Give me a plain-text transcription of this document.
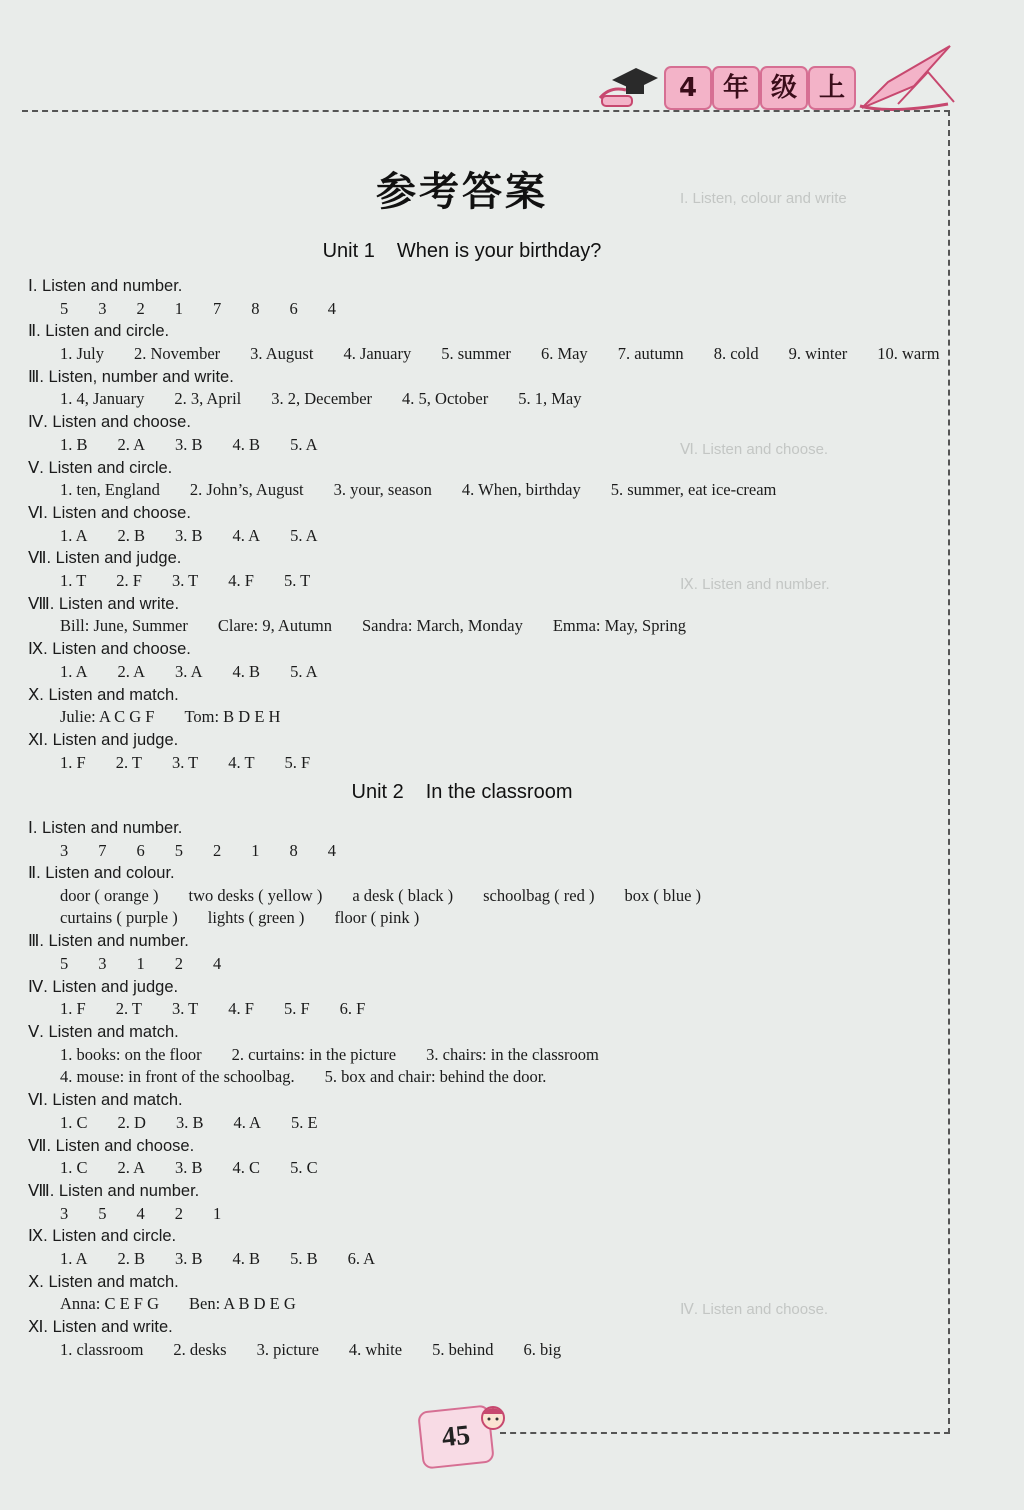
4 年 级 上
I. Listen, colour and write
Ⅵ. Listen and choose.
Ⅸ. Listen and number.
Ⅳ. Listen and choose.
参考答案
Unit 1 When is your birthday?
Unit 2 In the classroom
Ⅰ. Listen and number.
5 3 2 1 7 8 6 4
Ⅱ. Listen and circle.
1. July 2. November 3. August 4. January 5. summer 6. May 7. autumn 8. cold 9. winter 10. warm
Ⅲ. Listen, number and write.
1. 4, January 2. 3, April 3. 2, December 4. 5, October 5. 1, May
Ⅳ. Listen and choose.
1. B 2. A 3. B 4. B 5. A
Ⅴ. Listen and circle.
1. ten, England 2. John’s, August 3. your, season 4. When, birthday 5. summer, eat ice-cream
Ⅵ. Listen and choose.
1. A 2. B 3. B 4. A 5. A
Ⅶ. Listen and judge.
1. T 2. F 3. T 4. F 5. T
Ⅷ. Listen and write.
Bill: June, Summer Clare: 9, Autumn Sandra: March, Monday Emma: May, Spring
Ⅸ. Listen and choose.
1. A 2. A 3. A 4. B 5. A
Ⅹ. Listen and match.
Julie: A C G F Tom: B D E H
Ⅺ. Listen and judge.
1. F 2. T 3. T 4. T 5. F
Ⅰ. Listen and number.
3 7 6 5 2 1 8 4
Ⅱ. Listen and colour.
door ( orange ) two desks ( yellow ) a desk ( black ) schoolbag ( red ) box ( blue )
curtains ( purple ) lights ( green ) floor ( pink )
Ⅲ. Listen and number.
5 3 1 2 4
Ⅳ. Listen and judge.
1. F 2. T 3. T 4. F 5. F 6. F
Ⅴ. Listen and match.
1. books: on the floor 2. curtains: in the picture 3. chairs: in the classroom
4. mouse: in front of the schoolbag. 5. box and chair: behind the door.
Ⅵ. Listen and match.
1. C 2. D 3. B 4. A 5. E
Ⅶ. Listen and choose.
1. C 2. A 3. B 4. C 5. C
Ⅷ. Listen and number.
3 5 4 2 1
Ⅸ. Listen and circle.
1. A 2. B 3. B 4. B 5. B 6. A
Ⅹ. Listen and match.
Anna: C E F G Ben: A B D E G
Ⅺ. Listen and write.
1. classroom 2. desks 3. picture 4. white 5. behind 6. big
45
